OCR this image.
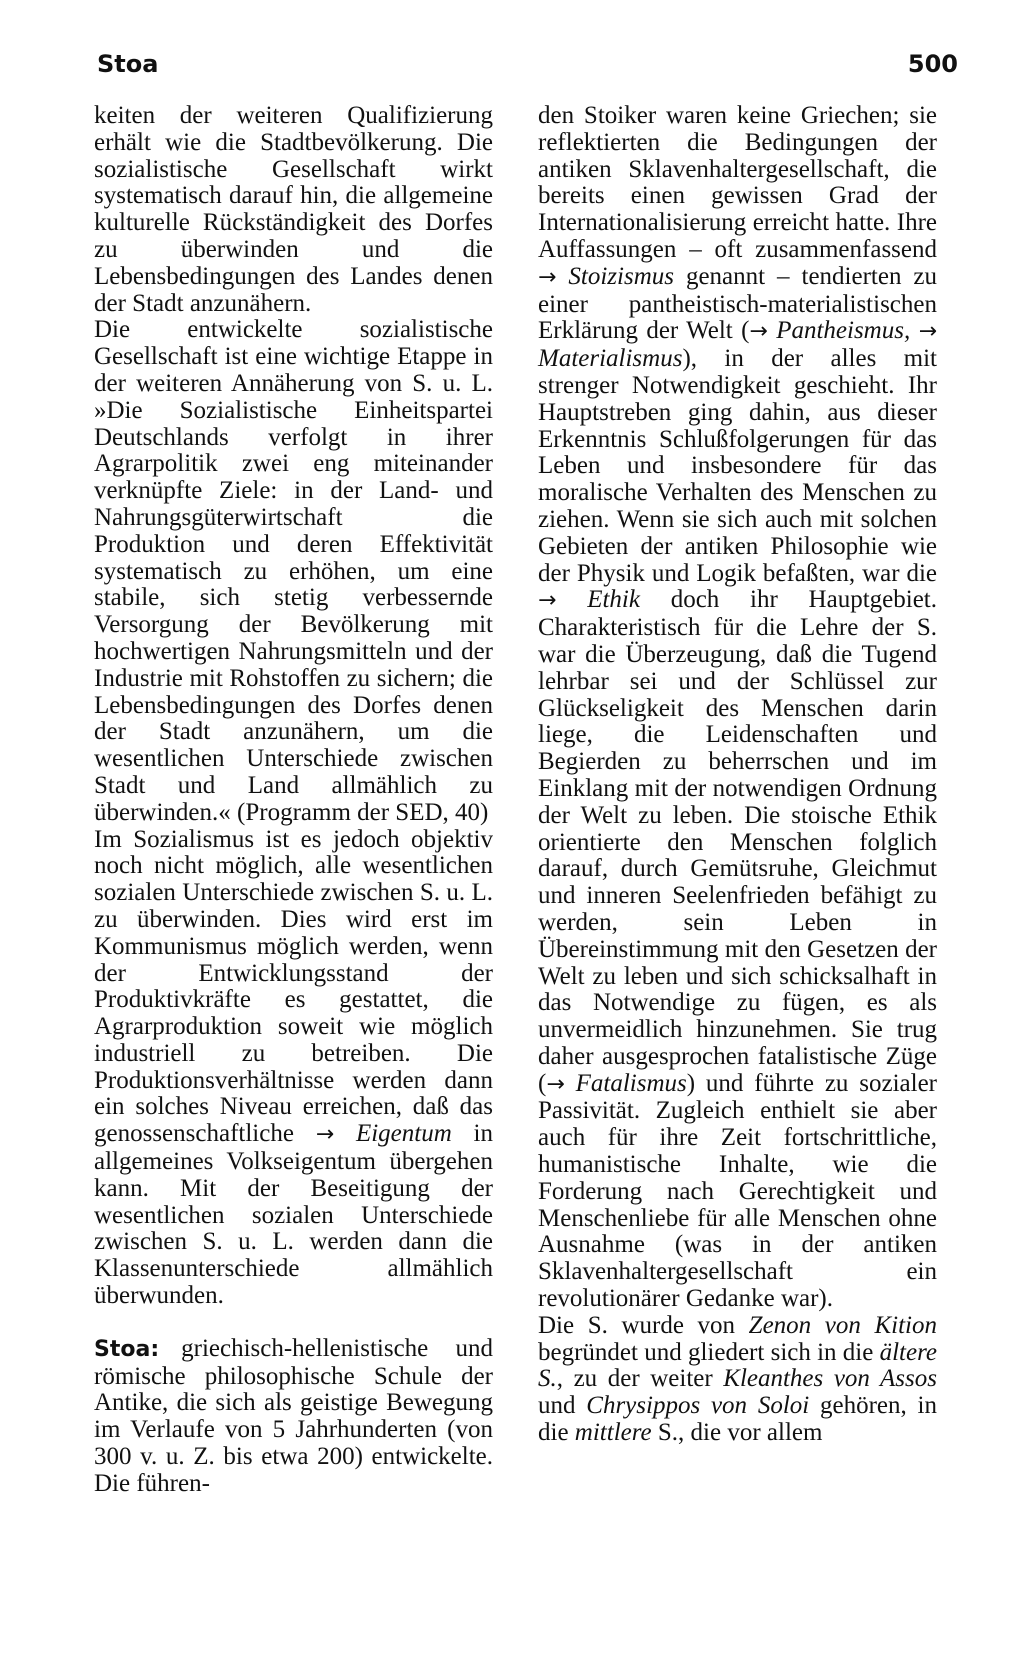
Stoa	500

keiten der weiteren Qualifizierung erhält wie die Stadtbevölkerung. Die sozialistische Gesellschaft wirkt systematisch darauf hin, die allgemeine kulturelle Rückständigkeit des Dorfes zu überwinden und die Lebensbedingungen des Landes denen der Stadt anzunähern.

Die entwickelte sozialistische Gesellschaft ist eine wichtige Etappe in der weiteren Annäherung von S. u. L. »Die Sozialistische Einheitspartei Deutschlands verfolgt in ihrer Agrarpolitik zwei eng miteinander verknüpfte Ziele: in der Land- und Nahrungsgüterwirtschaft die Produktion und deren Effektivität systematisch zu erhöhen, um eine stabile, sich stetig verbessernde Versorgung der Bevölkerung mit hochwertigen Nahrungsmitteln und der Industrie mit Rohstoffen zu sichern; die Lebensbedingungen des Dorfes denen der Stadt anzunähern, um die wesentlichen Unterschiede zwischen Stadt und Land allmählich zu überwinden.« (Programm der SED, 40)

Im Sozialismus ist es jedoch objektiv noch nicht möglich, alle wesentlichen sozialen Unterschiede zwischen S. u. L. zu überwinden. Dies wird erst im Kommunismus möglich werden, wenn der Entwicklungsstand der Produktivkräfte es gestattet, die Agrarproduktion soweit wie möglich industriell zu betreiben. Die Produktionsverhältnisse werden dann ein solches Niveau erreichen, daß das genossenschaftliche → Eigentum in allgemeines Volkseigentum übergehen kann. Mit der Beseitigung der wesentlichen sozialen Unterschiede zwischen S. u. L. werden dann die Klassenunterschiede allmählich überwunden.

Stoa: griechisch-hellenistische und römische philosophische Schule der Antike, die sich als geistige Bewegung im Verlaufe von 5 Jahrhunderten (von 300 v. u. Z. bis etwa 200) entwickelte. Die führen-

den Stoiker waren keine Griechen; sie reflektierten die Bedingungen der antiken Sklavenhaltergesellschaft, die bereits einen gewissen Grad der Internationalisierung erreicht hatte. Ihre Auffassungen – oft zusammenfassend → Stoizismus genannt – tendierten zu einer pantheistisch-materialistischen Erklärung der Welt (→ Pantheismus, → Materialismus), in der alles mit strenger Notwendigkeit geschieht. Ihr Hauptstreben ging dahin, aus dieser Erkenntnis Schlußfolgerungen für das Leben und insbesondere für das moralische Verhalten des Menschen zu ziehen. Wenn sie sich auch mit solchen Gebieten der antiken Philosophie wie der Physik und Logik befaßten, war die → Ethik doch ihr Hauptgebiet. Charakteristisch für die Lehre der S. war die Überzeugung, daß die Tugend lehrbar sei und der Schlüssel zur Glückseligkeit des Menschen darin liege, die Leidenschaften und Begierden zu beherrschen und im Einklang mit der notwendigen Ordnung der Welt zu leben. Die stoische Ethik orientierte den Menschen folglich darauf, durch Gemütsruhe, Gleichmut und inneren Seelenfrieden befähigt zu werden, sein Leben in Übereinstimmung mit den Gesetzen der Welt zu leben und sich schicksalhaft in das Notwendige zu fügen, es als unvermeidlich hinzunehmen. Sie trug daher ausgesprochen fatalistische Züge (→ Fatalismus) und führte zu sozialer Passivität. Zugleich enthielt sie aber auch für ihre Zeit fortschrittliche, humanistische Inhalte, wie die Forderung nach Gerechtigkeit und Menschenliebe für alle Menschen ohne Ausnahme (was in der antiken Sklavenhaltergesellschaft ein revolutionärer Gedanke war).

Die S. wurde von Zenon von Kition begründet und gliedert sich in die ältere S., zu der weiter Kleanthes von Assos und Chrysippos von Soloi gehören, in die mittlere S., die vor allem
